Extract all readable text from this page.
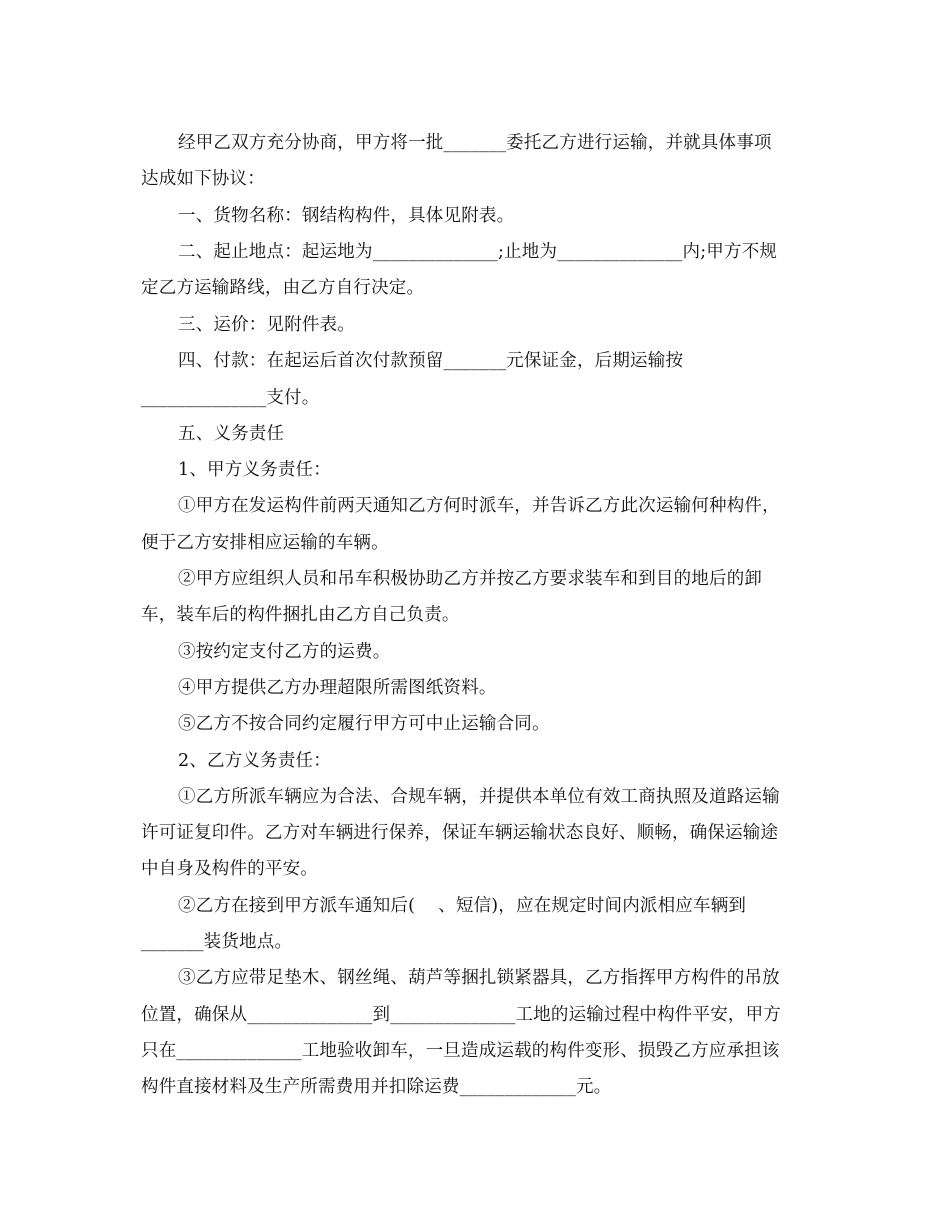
经甲乙双方充分协商，甲方将一批_______委托乙方进行运输，并就具体事项
达成如下协议：
一、货物名称：钢结构构件，具体见附表。
二、起止地点：起运地为______________;止地为______________内;甲方不规
定乙方运输路线，由乙方自行决定。
三、运价：见附件表。
四、付款：在起运后首次付款预留_______元保证金，后期运输按
______________支付。
五、义务责任
1、甲方义务责任：
①甲方在发运构件前两天通知乙方何时派车，并告诉乙方此次运输何种构件，
便于乙方安排相应运输的车辆。
②甲方应组织人员和吊车积极协助乙方并按乙方要求装车和到目的地后的卸
车，装车后的构件捆扎由乙方自己负责。
③按约定支付乙方的运费。
④甲方提供乙方办理超限所需图纸资料。
⑤乙方不按合同约定履行甲方可中止运输合同。
2、乙方义务责任：
①乙方所派车辆应为合法、合规车辆，并提供本单位有效工商执照及道路运输
许可证复印件。乙方对车辆进行保养，保证车辆运输状态良好、顺畅，确保运输途
中自身及构件的平安。
②乙方在接到甲方派车通知后(    、短信)，应在规定时间内派相应车辆到
_______装货地点。
③乙方应带足垫木、钢丝绳、葫芦等捆扎锁紧器具，乙方指挥甲方构件的吊放
位置，确保从______________到______________工地的运输过程中构件平安，甲方
只在______________工地验收卸车，一旦造成运载的构件变形、损毁乙方应承担该
构件直接材料及生产所需费用并扣除运费_____________元。
